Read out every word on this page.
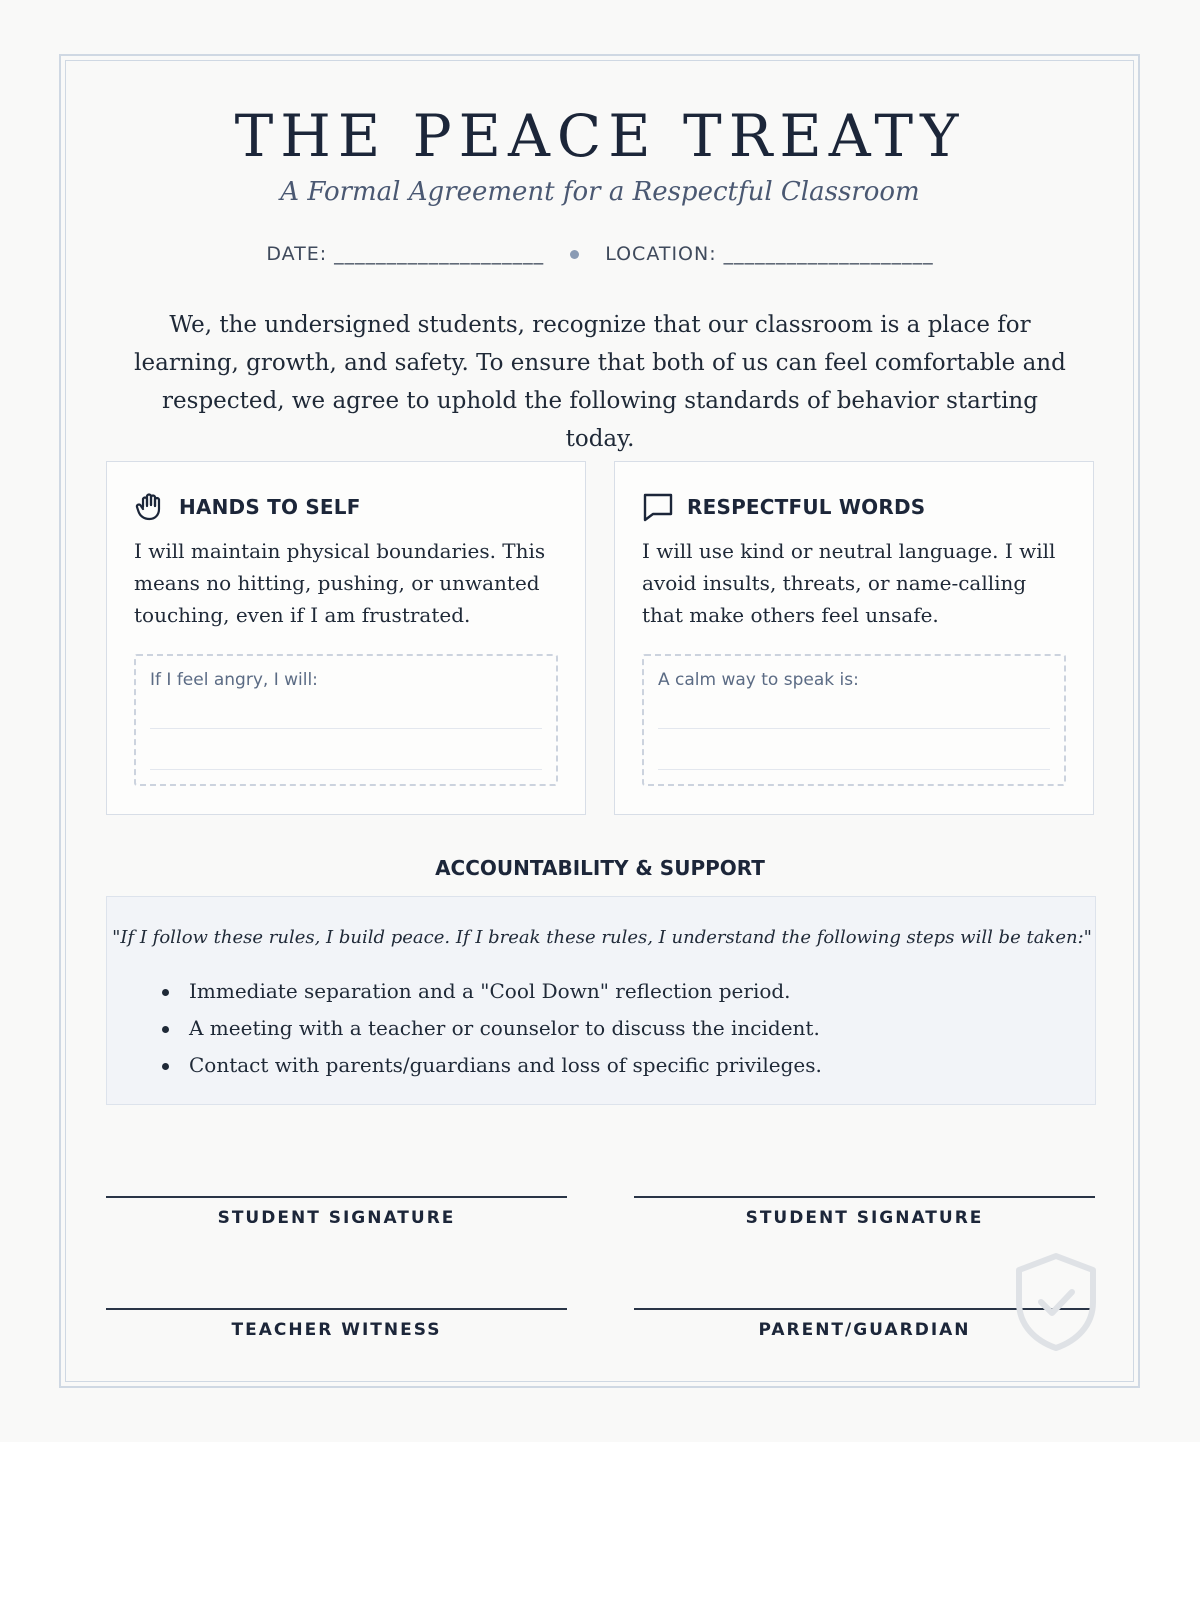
THE PEACE TREATY
A Formal Agreement for a Respectful Classroom
DATE: ____________________	LOCATION: ____________________

We, the undersigned students, recognize that our classroom is a place for learning, growth, and safety. To ensure that both of us can feel comfortable and respected, we agree to uphold the following standards of behavior starting today.

HANDS TO SELF

I will maintain physical boundaries. This means no hitting, pushing, or unwanted touching, even if I am frustrated.

If I feel angry, I will:
RESPECTFUL WORDS

I will use kind or neutral language. I will avoid insults, threats, or name-calling that make others feel unsafe.

A calm way to speak is:
ACCOUNTABILITY & SUPPORT
"If I follow these rules, I build peace. If I break these rules, I understand the following steps will be taken:"
Immediate separation and a "Cool Down" reflection period.
A meeting with a teacher or counselor to discuss the incident.
Contact with parents/guardians and loss of specific privileges.
STUDENT SIGNATURE	STUDENT SIGNATURE
TEACHER WITNESS	PARENT/GUARDIAN
